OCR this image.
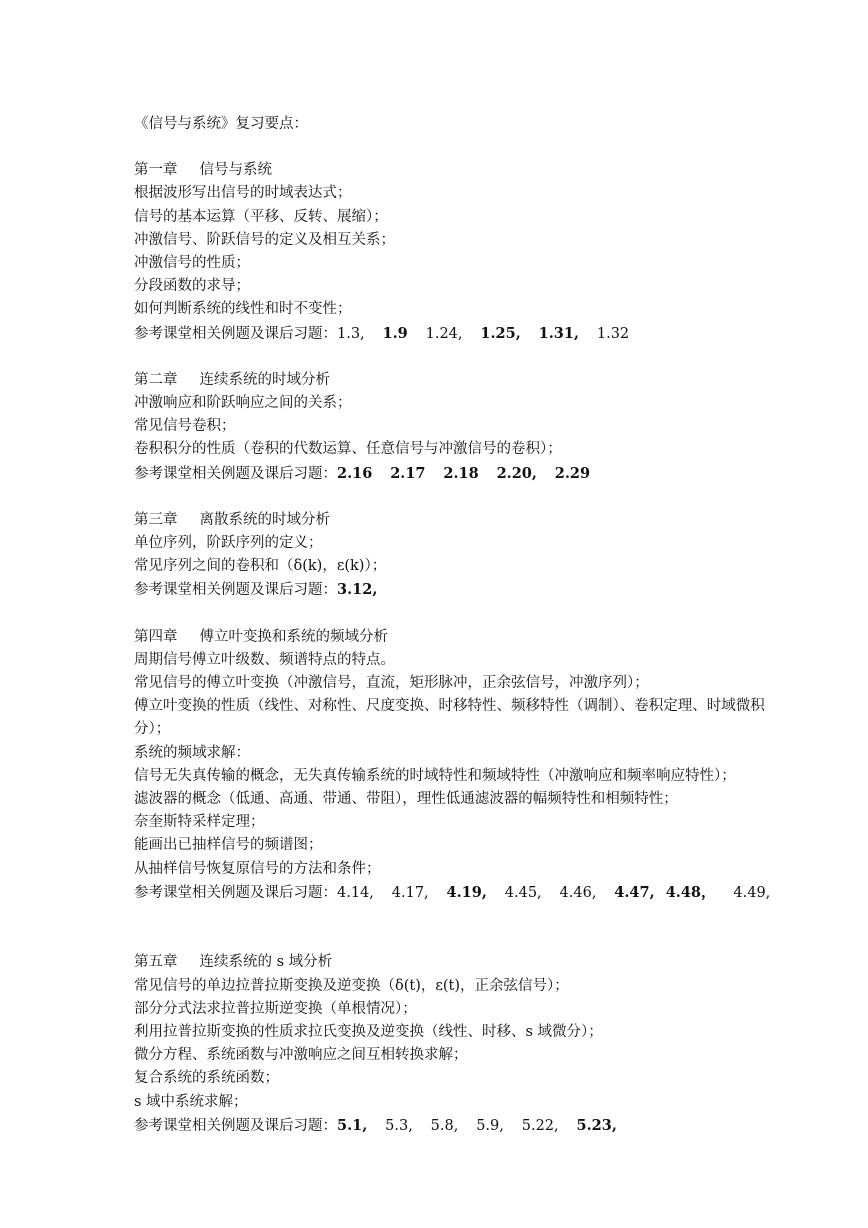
《信号与系统》复习要点：
第一章 信号与系统
根据波形写出信号的时域表达式；
信号的基本运算（平移、反转、展缩）；
冲激信号、阶跃信号的定义及相互关系；
冲激信号的性质；
分段函数的求导；
如何判断系统的线性和时不变性；
参考课堂相关例题及课后习题：1.3,  1.9  1.24,  1.25,  1.31,  1.32 
第二章 连续系统的时域分析
冲激响应和阶跃响应之间的关系；
常见信号卷积；
卷积积分的性质（卷积的代数运算、任意信号与冲激信号的卷积）；
参考课堂相关例题及课后习题：2.16  2.17  2.18  2.20,  2.29 
第三章 离散系统的时域分析
单位序列，阶跃序列的定义；
常见序列之间的卷积和（δ(k)，ε(k)）；
参考课堂相关例题及课后习题：3.12, 
第四章 傅立叶变换和系统的频域分析
周期信号傅立叶级数、频谱特点的特点。
常见信号的傅立叶变换（冲激信号，直流，矩形脉冲，正余弦信号，冲激序列）；
傅立叶变换的性质（线性、对称性、尺度变换、时移特性、频移特性（调制）、卷积定理、时域微积分）；
系统的频域求解：
信号无失真传输的概念，无失真传输系统的时域特性和频域特性（冲激响应和频率响应特性）；
滤波器的概念（低通、高通、带通、带阻），理性低通滤波器的幅频特性和相频特性；
奈奎斯特采样定理；
能画出已抽样信号的频谱图；
从抽样信号恢复原信号的方法和条件；
参考课堂相关例题及课后习题：4.14,  4.17,  4.19,  4.45,  4.46,  4.47, 4.48，  4.49, 
第五章 连续系统的 s 域分析
常见信号的单边拉普拉斯变换及逆变换（δ(t)，ε(t)，正余弦信号）；
部分分式法求拉普拉斯逆变换（单根情况）；
利用拉普拉斯变换的性质求拉氏变换及逆变换（线性、时移、s 域微分）；
微分方程、系统函数与冲激响应之间互相转换求解；
复合系统的系统函数；
s 域中系统求解；
参考课堂相关例题及课后习题：5.1,  5.3,  5.8,  5.9,  5.22,  5.23, 
